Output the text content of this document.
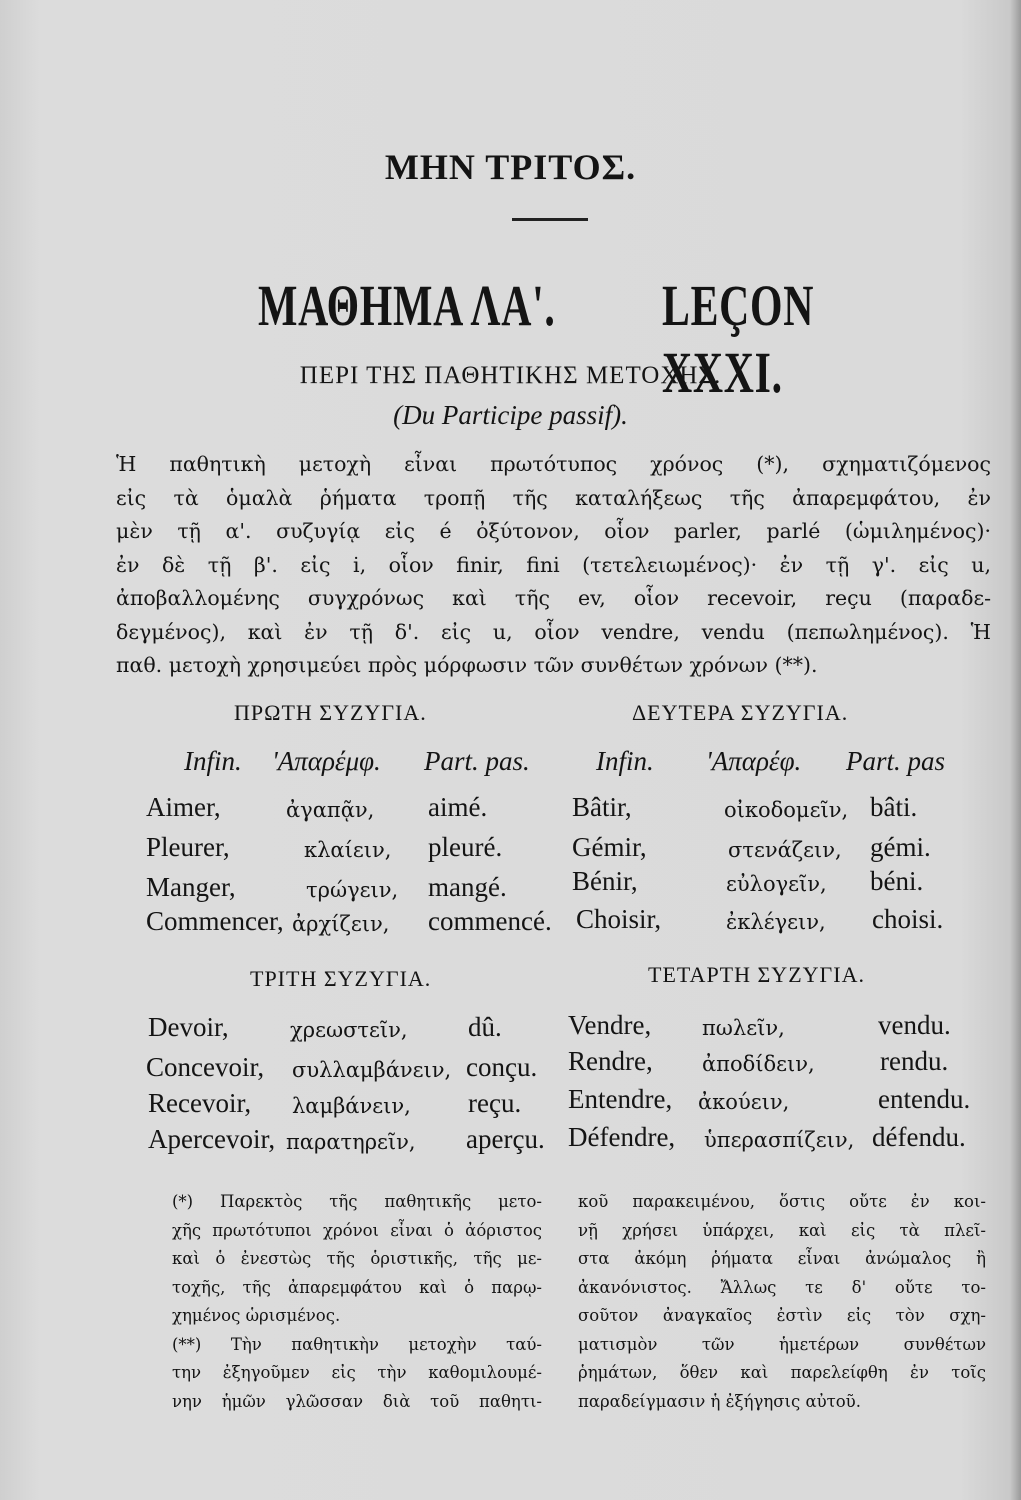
ΜΗΝ ΤΡΙΤΟΣ.
ΜΑΘΗΜΑ ΛΑ'. LEÇON XXXI.
ΠΕΡΙ ΤΗΣ ΠΑΘΗΤΙΚΗΣ ΜΕΤΟΧΗΣ.
(Du Participe passif).
Ἡ παθητικὴ μετοχὴ εἶναι πρωτότυπος χρόνος (*), σχηματιζόμενος
εἰς τὰ ὁμαλὰ ῥήματα τροπῇ τῆς καταλήξεως τῆς ἀπαρεμφάτου, ἐν
μὲν τῇ α'. συζυγίᾳ εἰς é ὀξύτονον, οἷον parler, parlé (ὡμιλημένος)·
ἐν δὲ τῇ β'. εἰς i, οἷον finir, fini (τετελειωμένος)· ἐν τῇ γ'. εἰς u,
ἀποβαλλομένης συγχρόνως καὶ τῆς ev, οἷον recevoir, reçu (παραδε-
δεγμένος), καὶ ἐν τῇ δ'. εἰς u, οἷον vendre, vendu (πεπωλημένος). Ἡ
παθ. μετοχὴ χρησιμεύει πρὸς μόρφωσιν τῶν συνθέτων χρόνων (**).
ΠΡΩΤΗ ΣΥΖΥΓΙΑ.	ΔΕΥΤΕΡΑ ΣΥΖΥΓΙΑ.
Infin. 'Απαρέμφ. Part. pas. Infin. 'Απαρέφ. Part. pas
Aimer,	ἀγαπᾷν, aimé.
Pleurer,	κλαίειν, pleuré.
Manger,	τρώγειν, mangé.
Commencer, ἀρχίζειν, commencé.
Bâtir,	οἰκοδομεῖν, bâti.
Gémir,	στενάζειν, gémi.
Bénir,	εὐλογεῖν, béni.
Choisir,	ἐκλέγειν, choisi.
ΤΡΙΤΗ ΣΥΖΥΓΙΑ.	ΤΕΤΑΡΤΗ ΣΥΖΥΓΙΑ.
Devoir,	χρεωστεῖν, dû.
Concevoir, συλλαμβάνειν, conçu.
Recevoir, λαμβάνειν, reçu.
Apercevoir, παρατηρεῖν, aperçu.
Vendre, πωλεῖν,	vendu.
Rendre, ἀποδίδειν, rendu.
Entendre, ἀκούειν,	entendu.
Défendre, ὑπερασπίζειν, défendu.
(*) Παρεκτὸς τῆς παθητικῆς μετο-
χῆς πρωτότυποι χρόνοι εἶναι ὁ ἀόριστος
καὶ ὁ ἐνεστὼς τῆς ὁριστικῆς, τῆς με-
τοχῆς, τῆς ἀπαρεμφάτου καὶ ὁ παρῳ-
χημένος ὡρισμένος.
(**) Τὴν παθητικὴν μετοχὴν ταύ-
την ἐξηγοῦμεν εἰς τὴν καθομιλουμέ-
νην ἡμῶν γλῶσσαν διὰ τοῦ παθητι-
κοῦ παρακειμένου, ὅστις οὔτε ἐν κοι-
νῇ χρήσει ὑπάρχει, καὶ εἰς τὰ πλεῖ-
στα ἀκόμη ῥήματα εἶναι ἀνώμαλος ἢ
ἀκανόνιστος. Ἄλλως τε δ' οὔτε το-
σοῦτον ἀναγκαῖος ἐστὶν εἰς τὸν σχη-
ματισμὸν τῶν ἡμετέρων συνθέτων
ῥημάτων, ὅθεν καὶ παρελείφθη ἐν τοῖς
παραδείγμασιν ἡ ἐξήγησις αὐτοῦ.
